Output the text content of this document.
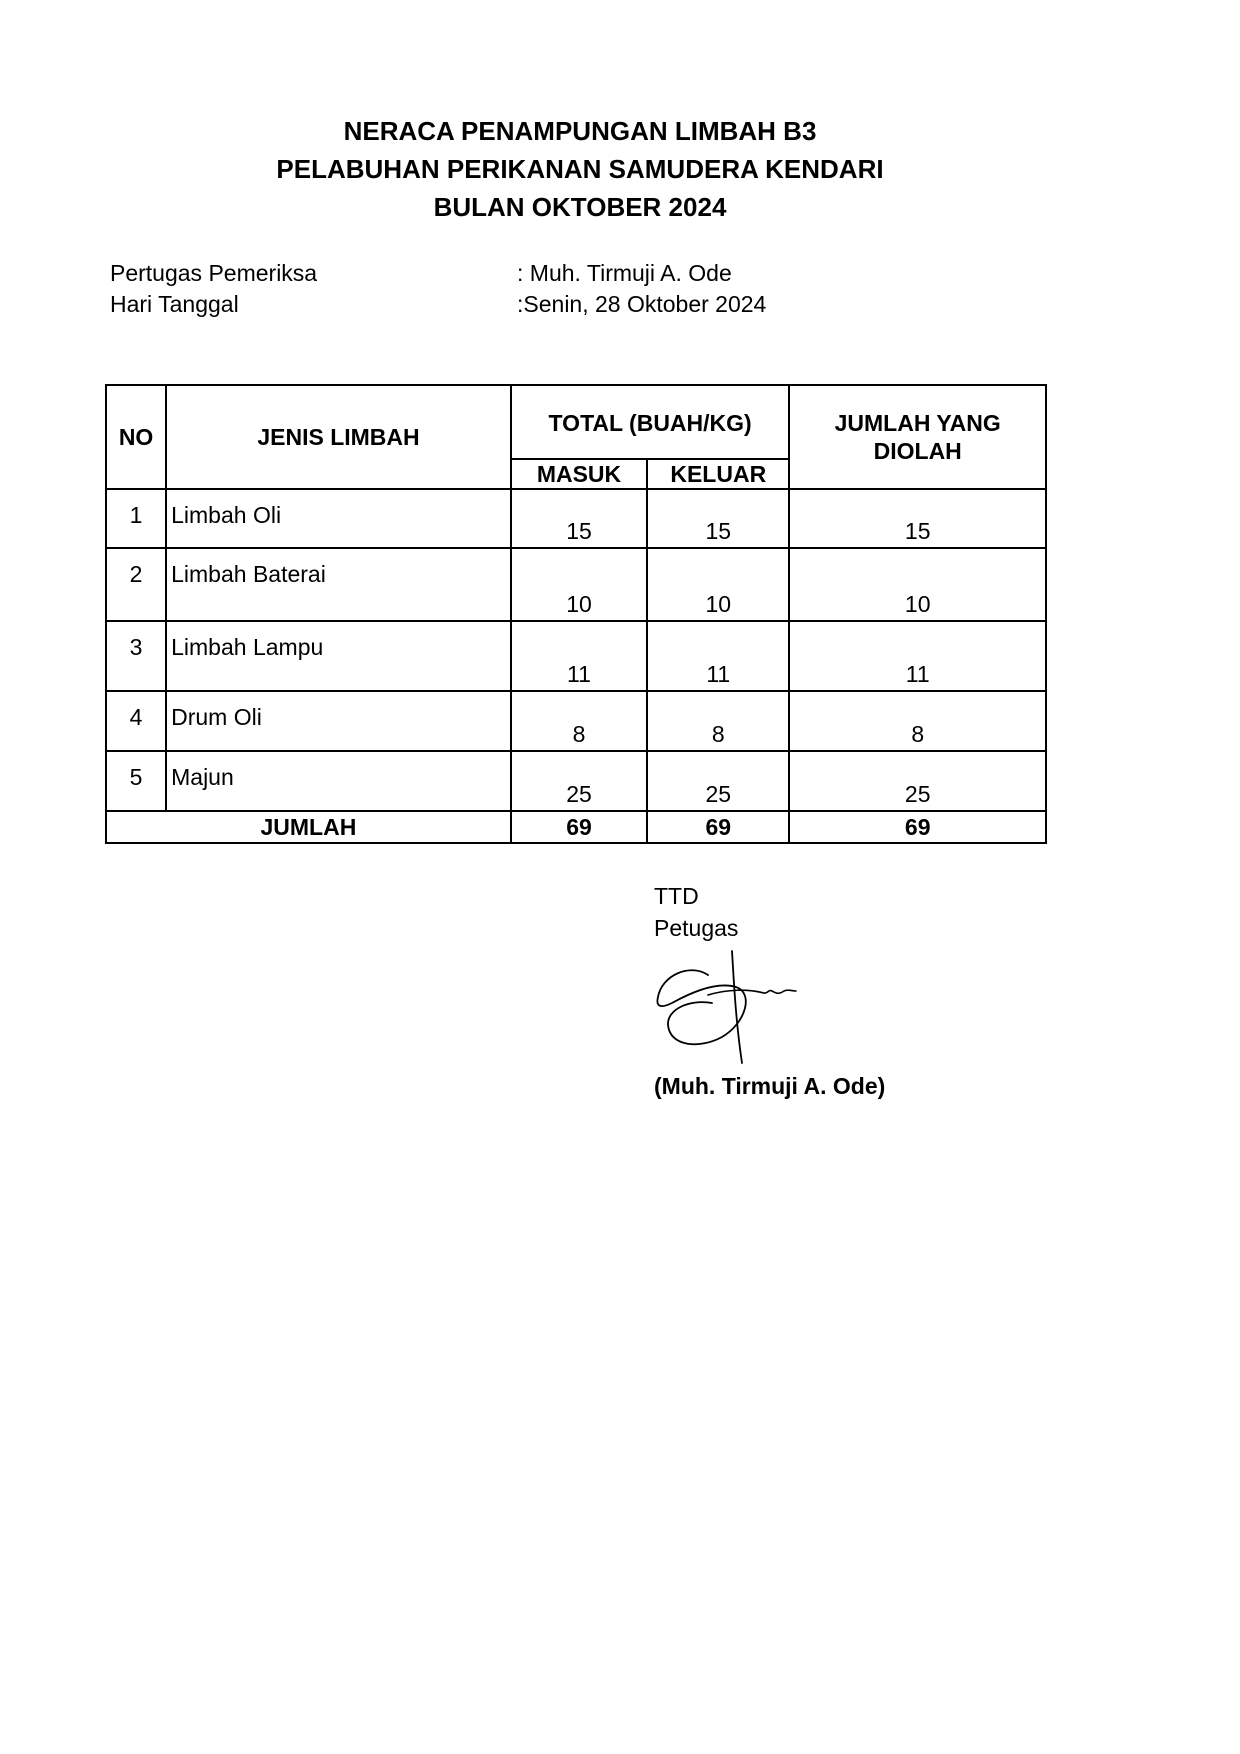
NERACA PENAMPUNGAN LIMBAH B3
PELABUHAN PERIKANAN SAMUDERA KENDARI
BULAN OKTOBER 2024
Pertugas Pemeriksa	: Muh. Tirmuji A. Ode
Hari Tanggal	:Senin, 28 Oktober 2024
NO	JENIS LIMBAH	TOTAL (BUAH/KG)		JUMLAH YANG DIOLAH
		MASUK	KELUAR	
1	Limbah Oli	15	15	15
2	Limbah Baterai	10	10	10
3	Limbah Lampu	11	11	11
4	Drum Oli	8	8	8
5	Majun	25	25	25
JUMLAH		69	69	69
TTD
Petugas
(Muh. Tirmuji A. Ode)
